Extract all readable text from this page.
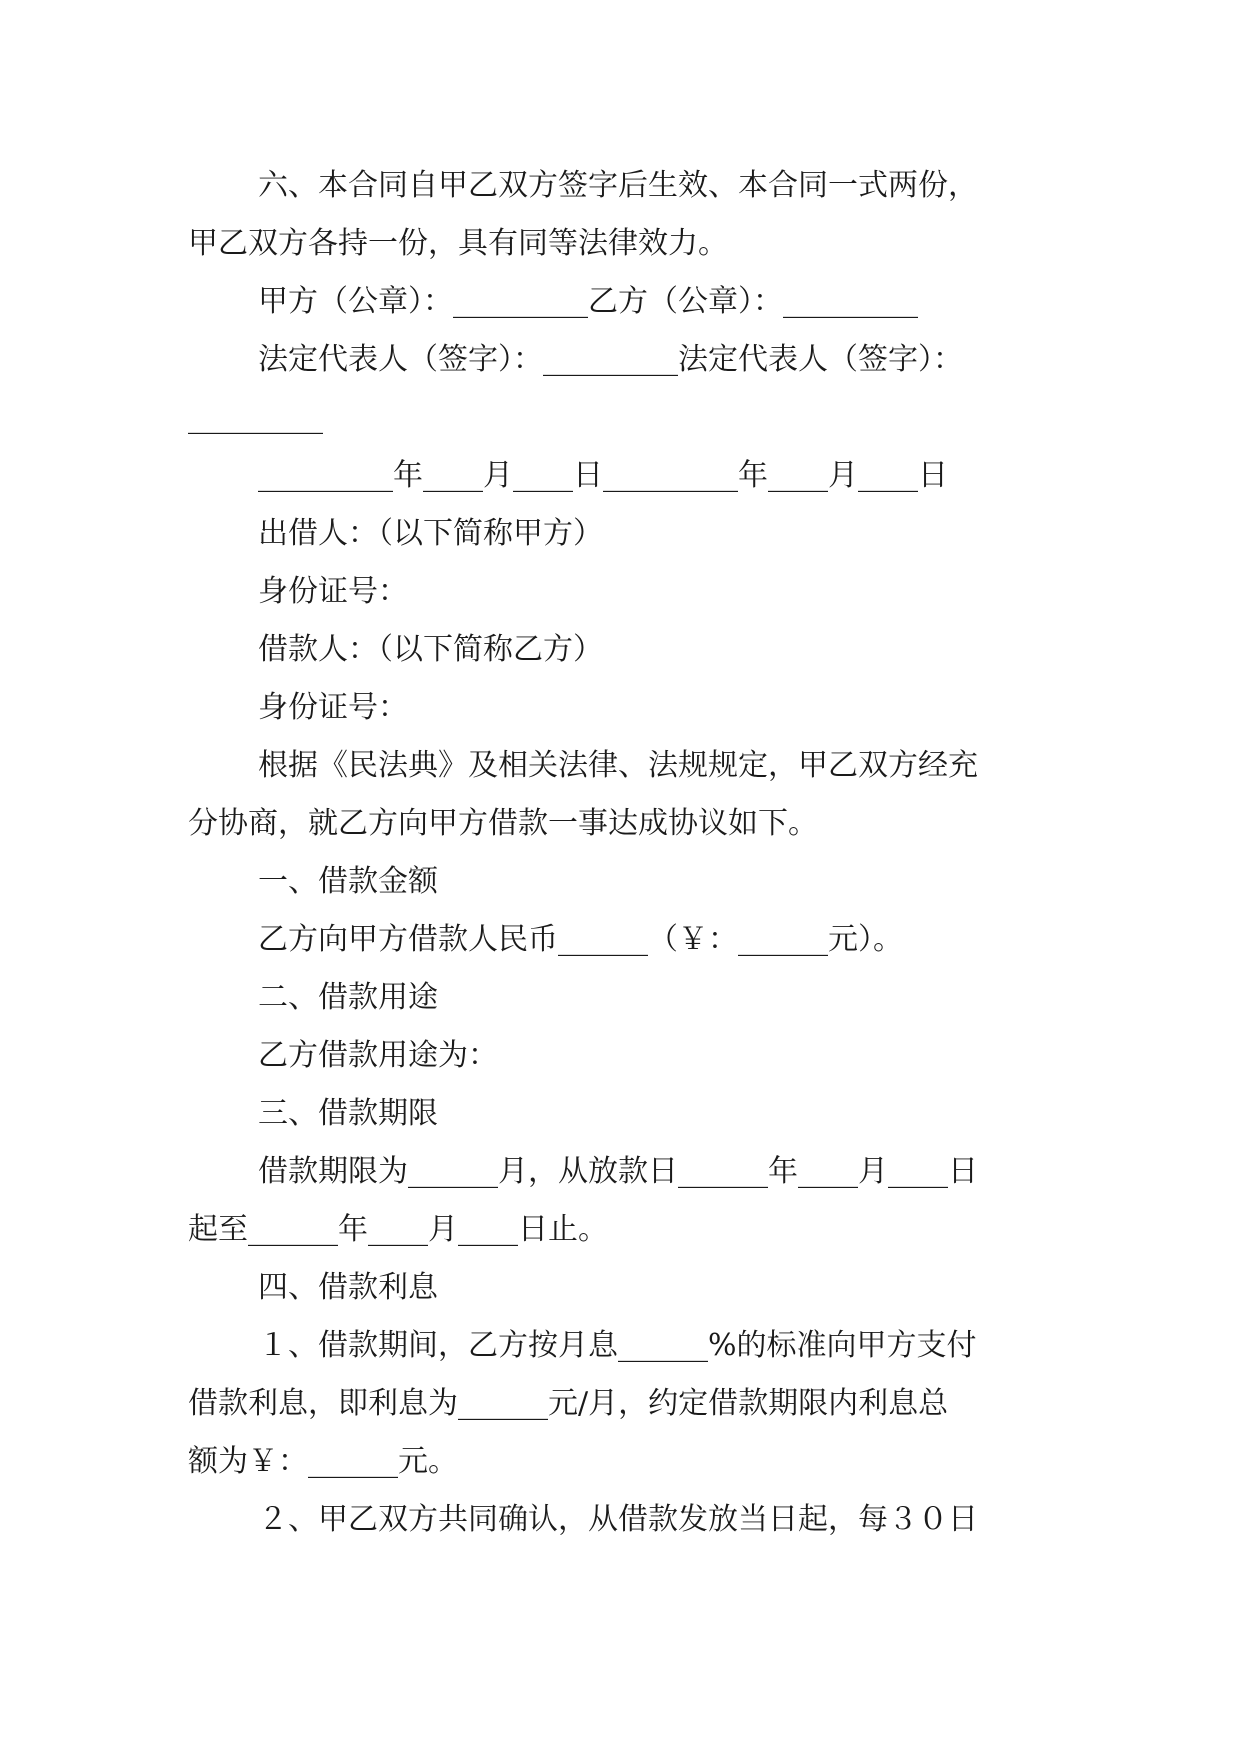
六、本合同自甲乙双方签字后生效、本合同一式两份，
甲乙双方各持一份，具有同等法律效力。
甲方（公章）：_________乙方（公章）：_________
法定代表人（签字）：_________法定代表人（签字）：
_________
_________年____月____日_________年____月____日
出借人：（以下简称甲方）
身份证号：
借款人：（以下简称乙方）
身份证号：
根据《民法典》及相关法律、法规规定，甲乙双方经充
分协商，就乙方向甲方借款一事达成协议如下。
一、借款金额
乙方向甲方借款人民币______（￥：______元）。
二、借款用途
乙方借款用途为：
三、借款期限
借款期限为______月，从放款日______年____月____日
起至______年____月____日止。
四、借款利息
１、借款期间，乙方按月息______%的标准向甲方支付
借款利息，即利息为______元/月，约定借款期限内利息总
额为￥：______元。
２、甲乙双方共同确认，从借款发放当日起，每３０日
